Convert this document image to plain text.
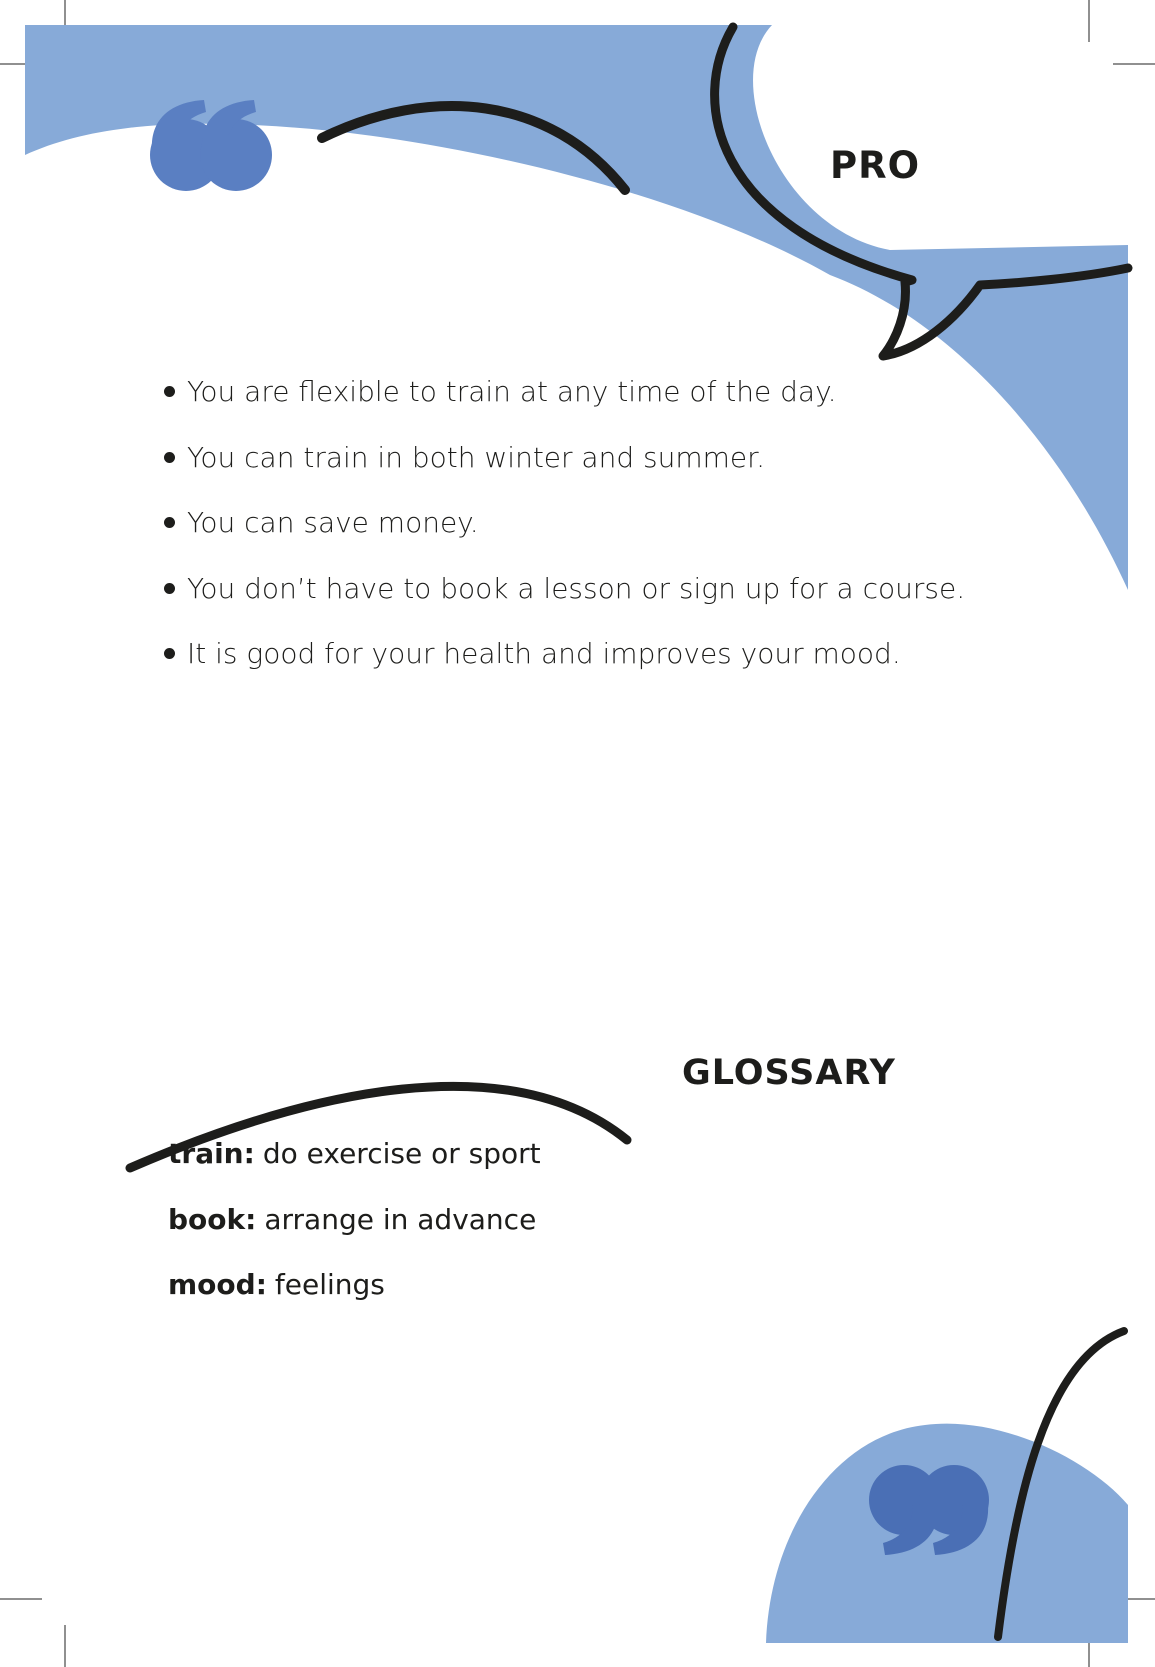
PRO
You are flexible to train at any time of the day.
You can train in both winter and summer.
You can save money.
You don’t have to book a lesson or sign up for a course.
It is good for your health and improves your mood.
GLOSSARY
train: do exercise or sport
book: arrange in advance
mood: feelings
